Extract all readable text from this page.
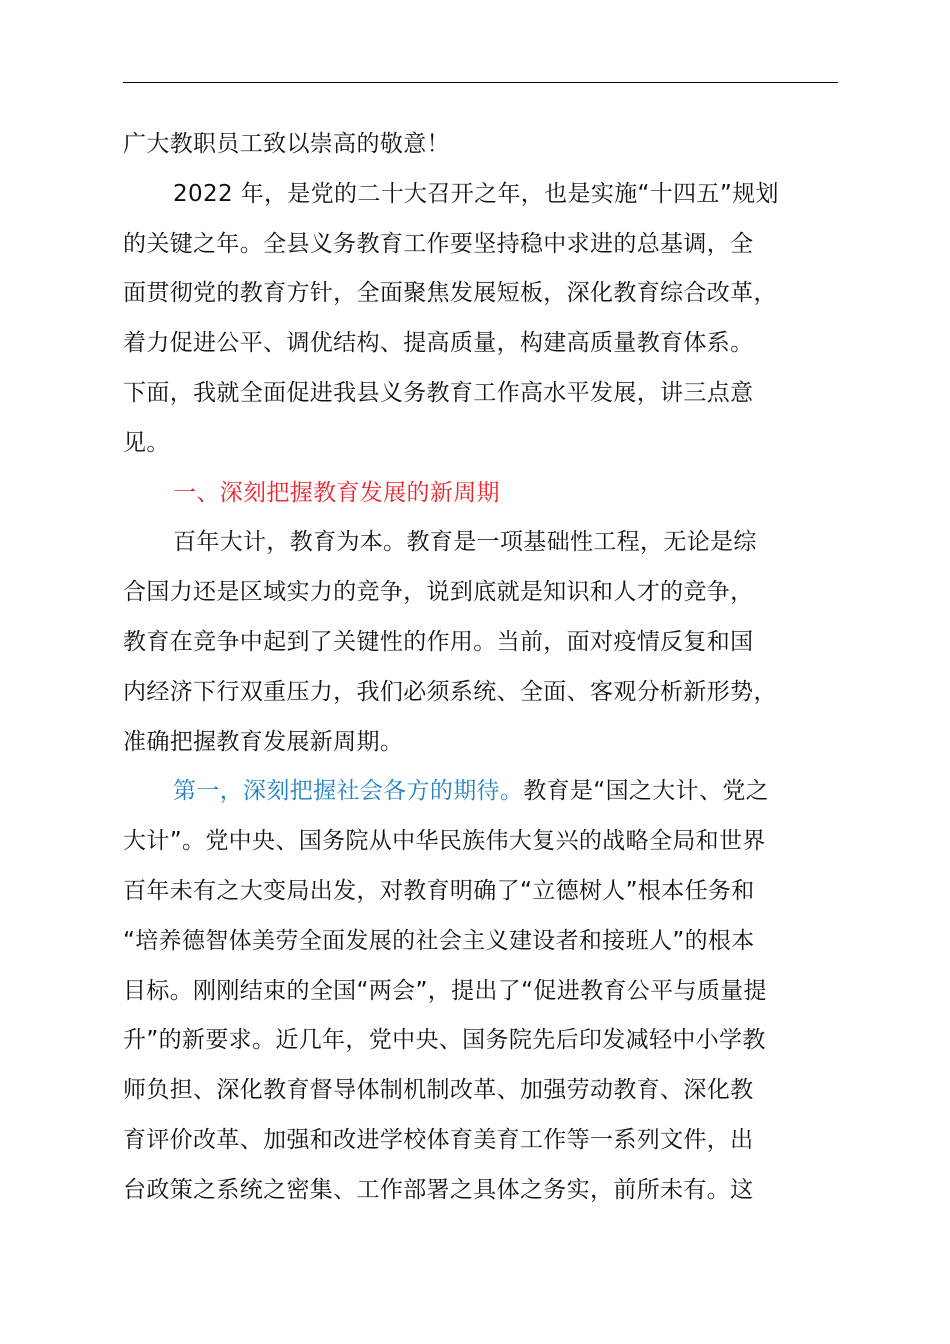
广大教职员工致以崇高的敬意！
2022 年，是党的二十大召开之年，也是实施“十四五”规划
的关键之年。全县义务教育工作要坚持稳中求进的总基调，全
面贯彻党的教育方针，全面聚焦发展短板，深化教育综合改革，
着力促进公平、调优结构、提高质量，构建高质量教育体系。
下面，我就全面促进我县义务教育工作高水平发展，讲三点意
见。
一、深刻把握教育发展的新周期
百年大计，教育为本。教育是一项基础性工程，无论是综
合国力还是区域实力的竞争，说到底就是知识和人才的竞争，
教育在竞争中起到了关键性的作用。当前，面对疫情反复和国
内经济下行双重压力，我们必须系统、全面、客观分析新形势，
准确把握教育发展新周期。
第一，深刻把握社会各方的期待。教育是“国之大计、党之
大计”。党中央、国务院从中华民族伟大复兴的战略全局和世界
百年未有之大变局出发，对教育明确了“立德树人”根本任务和
“培养德智体美劳全面发展的社会主义建设者和接班人”的根本
目标。刚刚结束的全国“两会”，提出了“促进教育公平与质量提
升”的新要求。近几年，党中央、国务院先后印发减轻中小学教
师负担、深化教育督导体制机制改革、加强劳动教育、深化教
育评价改革、加强和改进学校体育美育工作等一系列文件，出
台政策之系统之密集、工作部署之具体之务实，前所未有。这
